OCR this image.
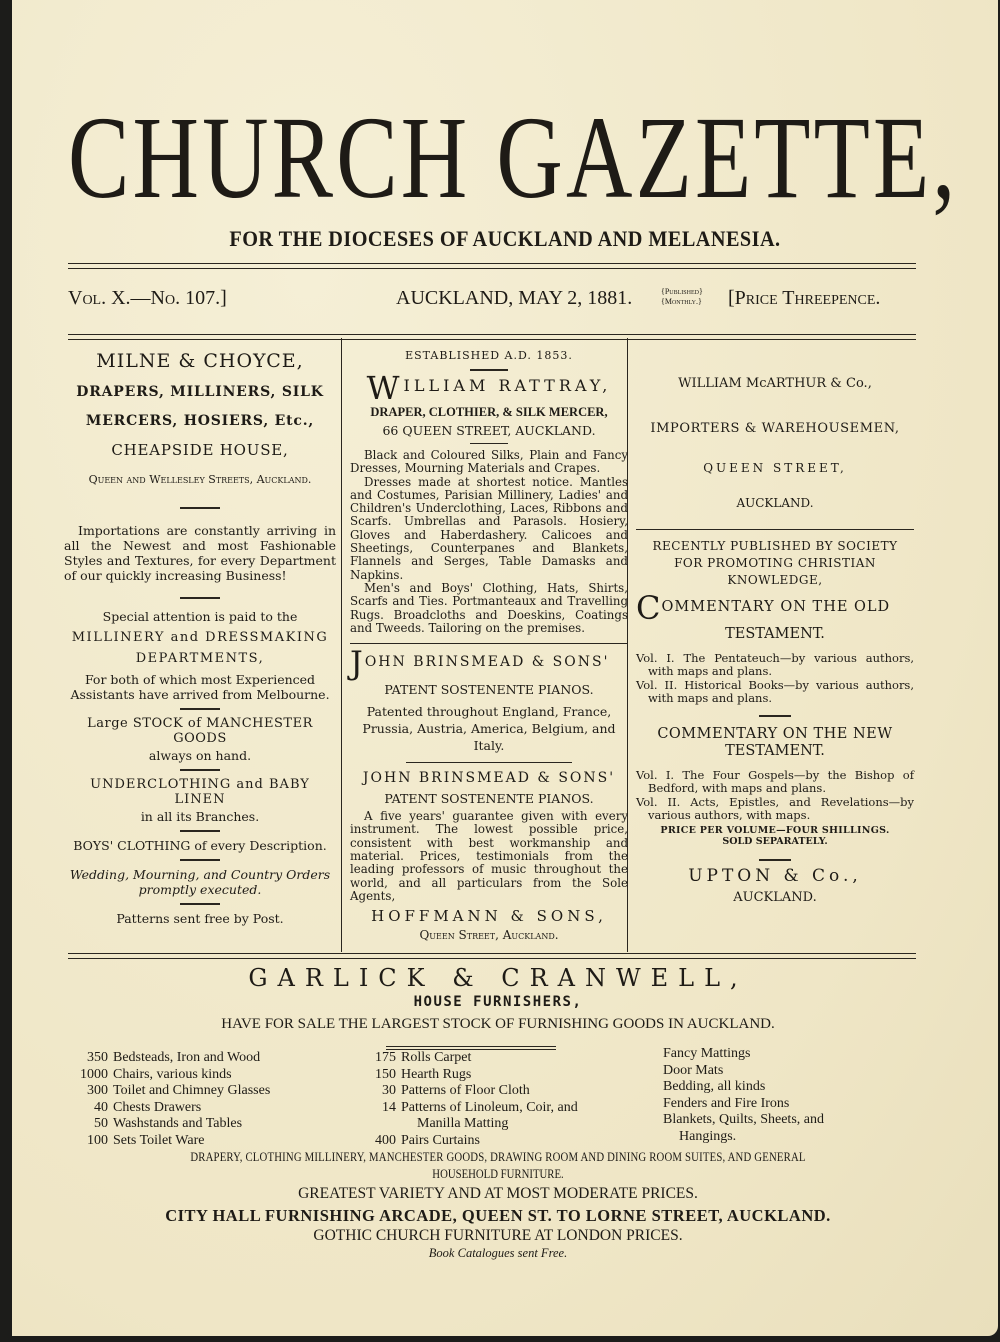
CHURCH GAZETTE,
FOR THE DIOCESES OF AUCKLAND AND MELANESIA.
Vol. X.—No. 107.]	AUCKLAND, MAY 2, 1881.	{Published}
{Monthly.} [Price Threepence.
MILNE & CHOYCE,
DRAPERS, MILLINERS, SILK
MERCERS, HOSIERS, Etc.,
CHEAPSIDE HOUSE,
Queen and Wellesley Streets, Auckland.

Importations are constantly arriving in all the Newest and most Fashionable Styles and Textures, for every Department of our quickly increasing Business!

Special attention is paid to the
MILLINERY and DRESSMAKING
DEPARTMENTS,
For both of which most Experienced Assistants have arrived from Melbourne.
Large STOCK of MANCHESTER GOODS
always on hand.
UNDERCLOTHING and BABY LINEN
in all its Branches.
BOYS' CLOTHING of every Description.
Wedding, Mourning, and Country Orders promptly executed.
Patterns sent free by Post.
ESTABLISHED A.D. 1853.
WILLIAM RATTRAY,
DRAPER, CLOTHIER, & SILK MERCER,
66 QUEEN STREET, AUCKLAND.

Black and Coloured Silks, Plain and Fancy Dresses, Mourning Materials and Crapes.

Dresses made at shortest notice. Mantles and Costumes, Parisian Millinery, Ladies' and Children's Underclothing, Laces, Ribbons and Scarfs. Umbrellas and Parasols. Hosiery, Gloves and Haberdashery. Calicoes and Sheetings, Counterpanes and Blankets, Flannels and Serges, Table Damasks and Napkins.

Men's and Boys' Clothing, Hats, Shirts, Scarfs and Ties. Portmanteaux and Travelling Rugs. Broadcloths and Doeskins, Coatings and Tweeds. Tailoring on the premises.

JOHN BRINSMEAD & SONS'
PATENT SOSTENENTE PIANOS.
Patented throughout England, France, Prussia, Austria, America, Belgium, and Italy.
JOHN BRINSMEAD & SONS'
PATENT SOSTENENTE PIANOS.

A five years' guarantee given with every instrument. The lowest possible price, consistent with best workmanship and material. Prices, testimonials from the leading professors of music throughout the world, and all particulars from the Sole Agents,

HOFFMANN & SONS,
Queen Street, Auckland.
WILLIAM McARTHUR & Co.,
IMPORTERS & WAREHOUSEMEN,
QUEEN STREET,
AUCKLAND.
RECENTLY PUBLISHED BY SOCIETY
FOR PROMOTING CHRISTIAN
KNOWLEDGE,
COMMENTARY ON THE OLD
TESTAMENT.

Vol. I. The Pentateuch—by various authors, with maps and plans.

Vol. II. Historical Books—by various authors, with maps and plans.

COMMENTARY ON THE NEW
TESTAMENT.

Vol. I. The Four Gospels—by the Bishop of Bedford, with maps and plans.

Vol. II. Acts, Epistles, and Revelations—by various authors, with maps.

PRICE PER VOLUME—FOUR SHILLINGS.
SOLD SEPARATELY.
UPTON & Co.,
AUCKLAND.
GARLICK & CRANWELL,
HOUSE FURNISHERS,
HAVE FOR SALE THE LARGEST STOCK OF FURNISHING GOODS IN AUCKLAND.
350 Bedsteads, Iron and Wood
1000 Chairs, various kinds
300 Toilet and Chimney Glasses
40 Chests Drawers
50 Washstands and Tables
100 Sets Toilet Ware
175 Rolls Carpet
150 Hearth Rugs
30 Patterns of Floor Cloth
14 Patterns of Linoleum, Coir, and
Manilla Matting
400 Pairs Curtains
Fancy Mattings
Door Mats
Bedding, all kinds
Fenders and Fire Irons
Blankets, Quilts, Sheets, and
Hangings.
DRAPERY, CLOTHING MILLINERY, MANCHESTER GOODS, DRAWING ROOM AND DINING ROOM SUITES, AND GENERAL
HOUSEHOLD FURNITURE.
GREATEST VARIETY AND AT MOST MODERATE PRICES.
CITY HALL FURNISHING ARCADE, QUEEN ST. TO LORNE STREET, AUCKLAND.
GOTHIC CHURCH FURNITURE AT LONDON PRICES.
Book Catalogues sent Free.
